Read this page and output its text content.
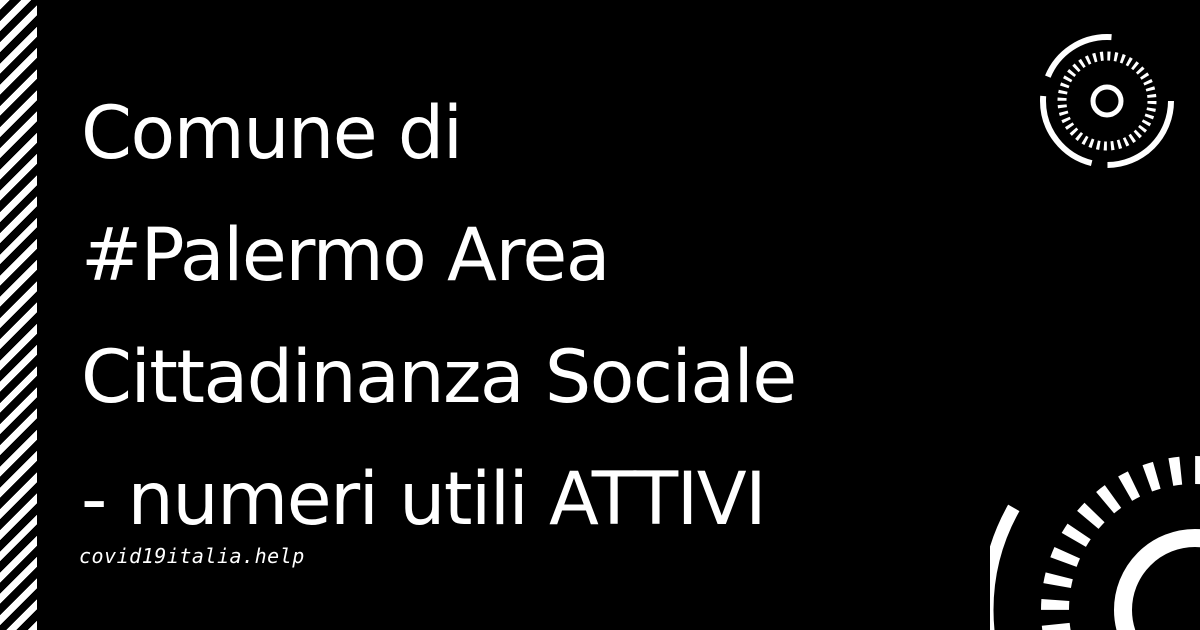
Comune di
#Palermo Area
Cittadinanza Sociale
- numeri utili ATTIVI

covid19italia.help
